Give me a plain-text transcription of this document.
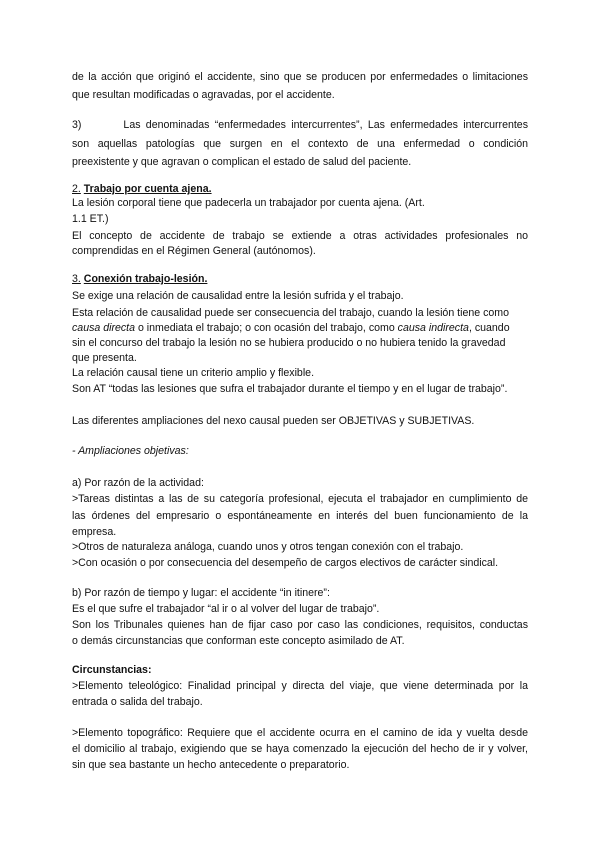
de la acción que originó el accidente, sino que se producen por enfermedades o limitaciones
que resultan modificadas o agravadas, por el accidente.
3)	Las denominadas “enfermedades intercurrentes”, Las enfermedades intercurrentes
son aquellas patologías que surgen en el contexto de una enfermedad o condición
preexistente y que agravan o complican el estado de salud del paciente.
2. Trabajo por cuenta ajena.
La lesión corporal tiene que padecerla un trabajador por cuenta ajena. (Art.
1.1 ET.)
El concepto de accidente de trabajo se extiende a otras actividades profesionales no
comprendidas en el Régimen General (autónomos).
3. Conexión trabajo-lesión.
Se exige una relación de causalidad entre la lesión sufrida y el trabajo.
Esta relación de causalidad puede ser consecuencia del trabajo, cuando la lesión tiene como
causa directa o inmediata el trabajo; o con ocasión del trabajo, como causa indirecta, cuando
sin el concurso del trabajo la lesión no se hubiera producido o no hubiera tenido la gravedad
que presenta.
La relación causal tiene un criterio amplio y flexible.
Son AT “todas las lesiones que sufra el trabajador durante el tiempo y en el lugar de trabajo”.
Las diferentes ampliaciones del nexo causal pueden ser OBJETIVAS y SUBJETIVAS.
- Ampliaciones objetivas:
a) Por razón de la actividad:
>Tareas distintas a las de su categoría profesional, ejecuta el trabajador en cumplimiento de
las órdenes del empresario o espontáneamente en interés del buen funcionamiento de la
empresa.
>Otros de naturaleza análoga, cuando unos y otros tengan conexión con el trabajo.
>Con ocasión o por consecuencia del desempeño de cargos electivos de carácter sindical.
b) Por razón de tiempo y lugar: el accidente “in itinere”:
Es el que sufre el trabajador “al ir o al volver del lugar de trabajo”.
Son los Tribunales quienes han de fijar caso por caso las condiciones, requisitos, conductas
o demás circunstancias que conforman este concepto asimilado de AT.
Circunstancias:
>Elemento teleológico: Finalidad principal y directa del viaje, que viene determinada por la
entrada o salida del trabajo.
>Elemento topográfico: Requiere que el accidente ocurra en el camino de ida y vuelta desde
el domicilio al trabajo, exigiendo que se haya comenzado la ejecución del hecho de ir y volver,
sin que sea bastante un hecho antecedente o preparatorio.
